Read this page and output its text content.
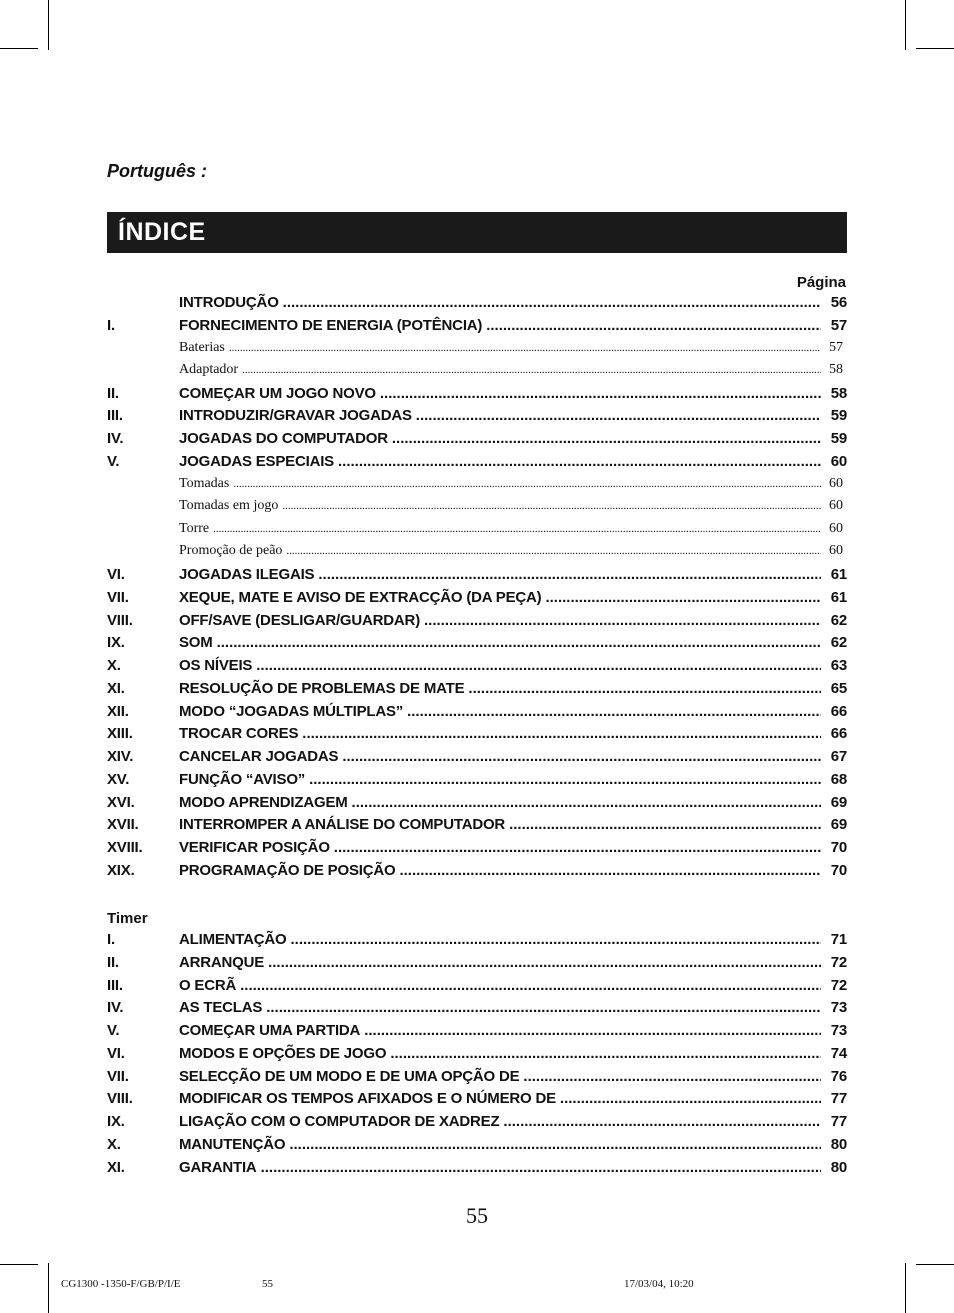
Português :
ÍNDICE
Página
INTRODUÇÃO .....	56
I.	FORNECIMENTO DE ENERGIA (POTÊNCIA) .....	57
Baterias .....	57
Adaptador .....	58
II.	COMEÇAR UM JOGO NOVO .....	58
III.	INTRODUZIR/GRAVAR JOGADAS .....	59
IV.	JOGADAS DO COMPUTADOR .....	59
V.	JOGADAS ESPECIAIS .....	60
Tomadas .....	60
Tomadas em jogo .....	60
Torre .....	60
Promoção de peão .....	60
VI.	JOGADAS ILEGAIS .....	61
VII.	XEQUE, MATE E AVISO DE EXTRACÇÃO (DA PEÇA) .....	61
VIII.	OFF/SAVE (DESLIGAR/GUARDAR) .....	62
IX.	SOM .....	62
X.	OS NÍVEIS .....	63
XI.	RESOLUÇÃO DE PROBLEMAS DE MATE .....	65
XII.	MODO “JOGADAS MÚLTIPLAS” .....	66
XIII.	TROCAR CORES .....	66
XIV.	CANCELAR JOGADAS .....	67
XV.	FUNÇÃO “AVISO” .....	68
XVI.	MODO APRENDIZAGEM .....	69
XVII.	INTERROMPER A ANÁLISE DO COMPUTADOR .....	69
XVIII.	VERIFICAR POSIÇÃO .....	70
XIX.	PROGRAMAÇÃO DE POSIÇÃO .....	70
Timer
I.	ALIMENTAÇÃO .....	71
II.	ARRANQUE .....	72
III.	O ECRÃ .....	72
IV.	AS TECLAS .....	73
V.	COMEÇAR UMA PARTIDA .....	73
VI.	MODOS E OPÇÕES DE JOGO .....	74
VII.	SELECÇÃO DE UM MODO E DE UMA OPÇÃO DE .....	76
VIII.	MODIFICAR OS TEMPOS AFIXADOS E O NÚMERO DE .....	77
IX.	LIGAÇÃO COM O COMPUTADOR DE XADREZ .....	77
X.	MANUTENÇÃO .....	80
XI.	GARANTIA .....	80
55
CG1300 -1350-F/GB/P/I/E	55	17/03/04, 10:20
